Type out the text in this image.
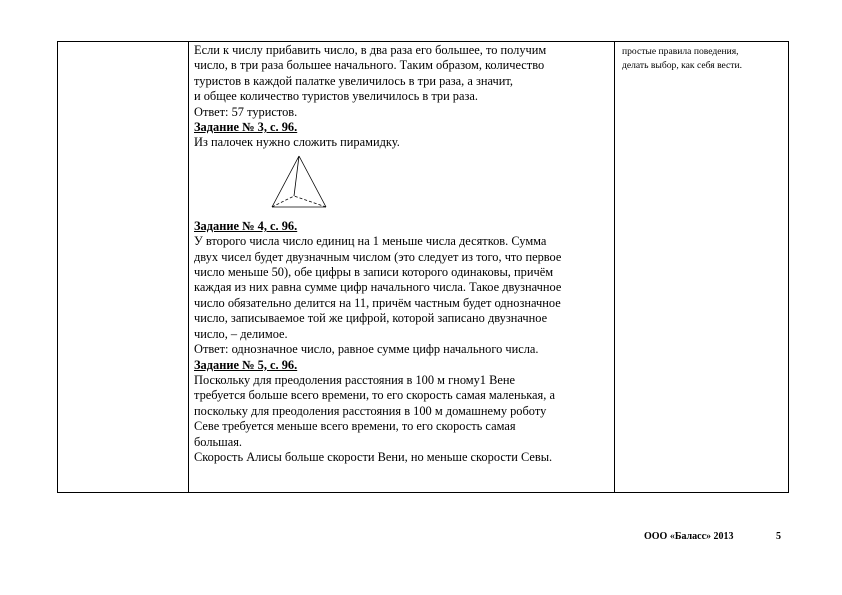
Если к числу прибавить число, в два раза его большее, то получим

число, в три раза большее начального. Таким образом, количество

туристов в каждой палатке увеличилось в три раза, а значит,

и общее количество туристов увеличилось в три раза.

Ответ: 57 туристов.

Задание № 3, с. 96.

Из палочек нужно сложить пирамидку.

Задание № 4, с. 96.

У второго числа число единиц на 1 меньше числа десятков. Сумма

двух чисел будет двузначным числом (это следует из того, что первое

число меньше 50), обе цифры в записи которого одинаковы, причём

каждая из них равна сумме цифр начального числа. Такое двузначное

число обязательно делится на 11, причём частным будет однозначное

число, записываемое той же цифрой, которой записано двузначное

число, – делимое.

Ответ: однозначное число, равное сумме цифр начального числа.

Задание № 5, с. 96.

Поскольку для преодоления расстояния в 100 м гному1 Вене

требуется больше всего времени, то его скорость самая маленькая, а

поскольку для преодоления расстояния в 100 м домашнему роботу

Севе требуется меньше всего времени, то его скорость самая

большая.

Скорость Алисы больше скорости Вени, но меньше скорости Севы.

простые правила поведения,

делать выбор, как себя вести.

ООО «Баласс» 2013	5
